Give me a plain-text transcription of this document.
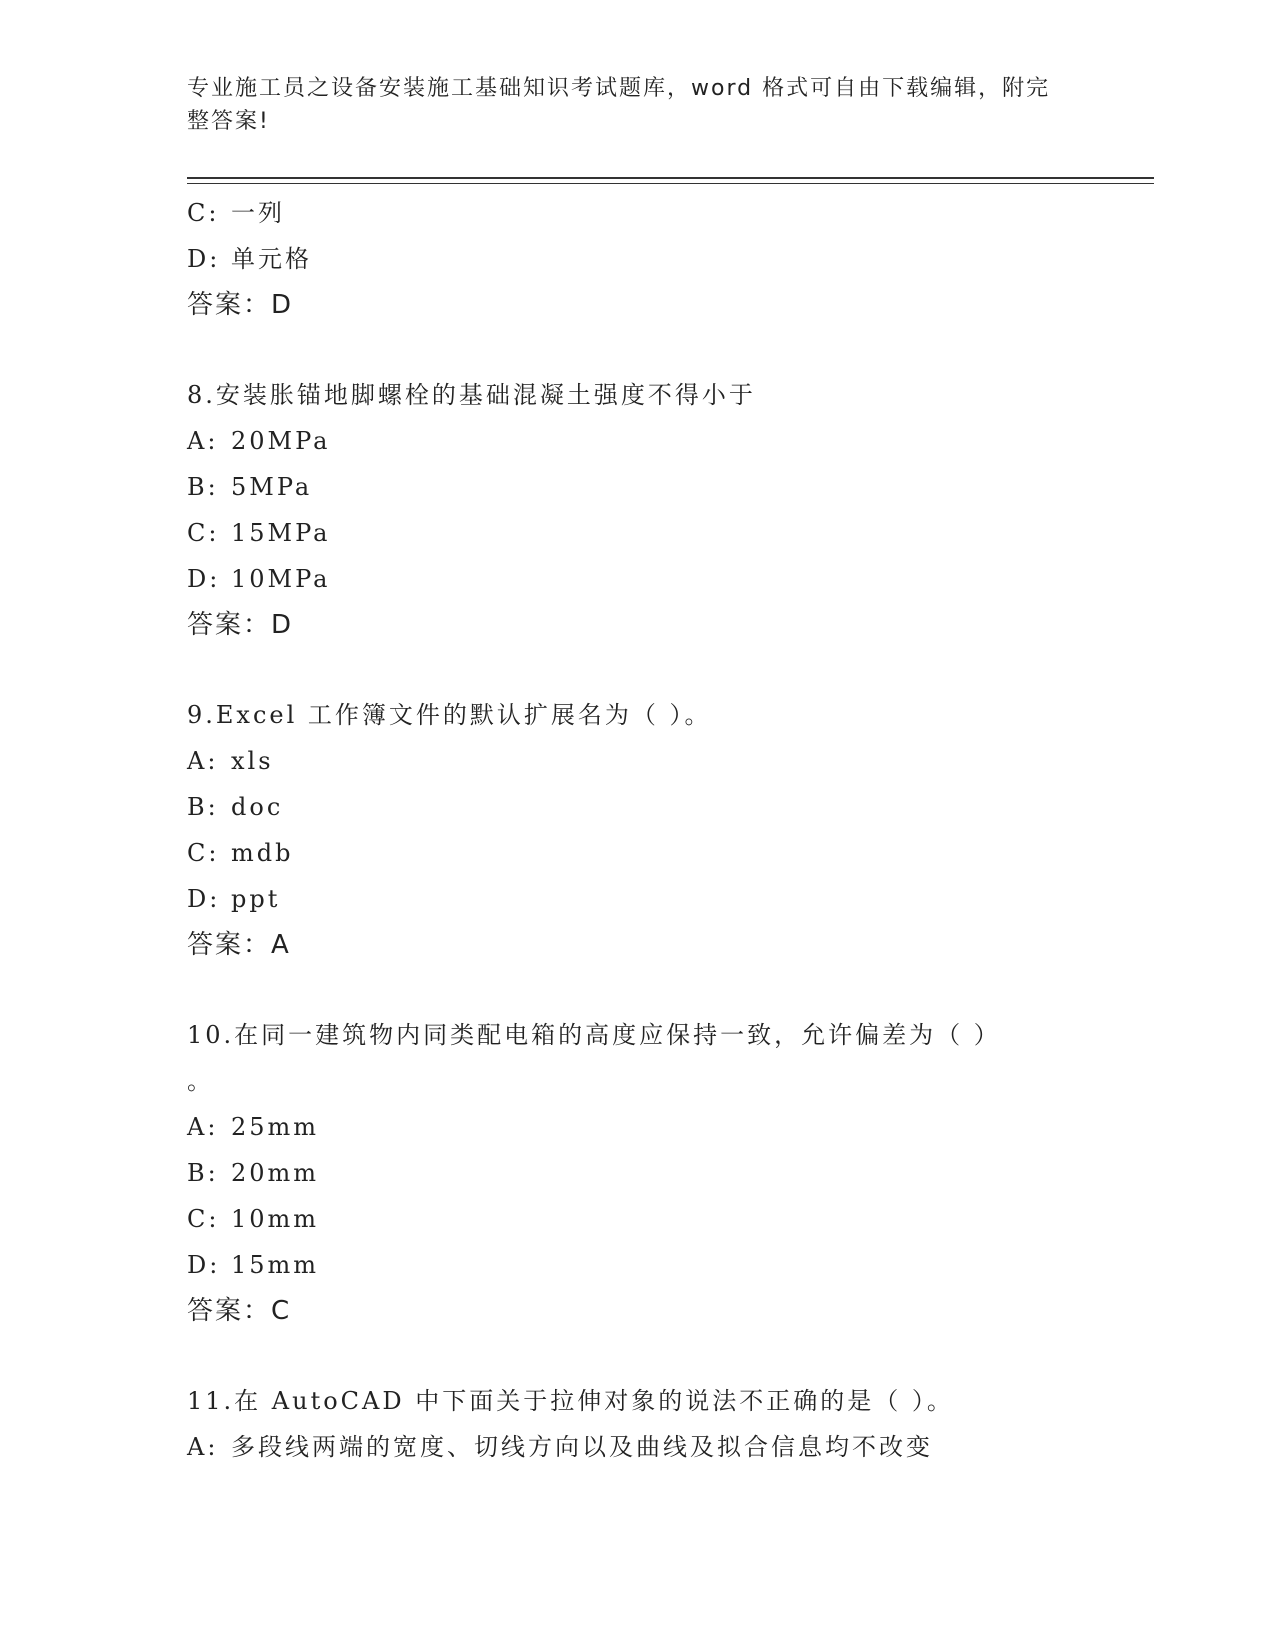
专业施工员之设备安装施工基础知识考试题库，word 格式可自由下载编辑，附完
整答案!
C: 一列
D: 单元格
答案：D
8.安装胀锚地脚螺栓的基础混凝土强度不得小于
A: 20MPa
B: 5MPa
C: 15MPa
D: 10MPa
答案：D
9.Excel 工作簿文件的默认扩展名为（ ）。
A: xls
B: doc
C: mdb
D: ppt
答案：A
10.在同一建筑物内同类配电箱的高度应保持一致，允许偏差为（ ）
。
A: 25mm
B: 20mm
C: 10mm
D: 15mm
答案：C
11.在 AutoCAD 中下面关于拉伸对象的说法不正确的是（ ）。
A: 多段线两端的宽度、切线方向以及曲线及拟合信息均不改变
